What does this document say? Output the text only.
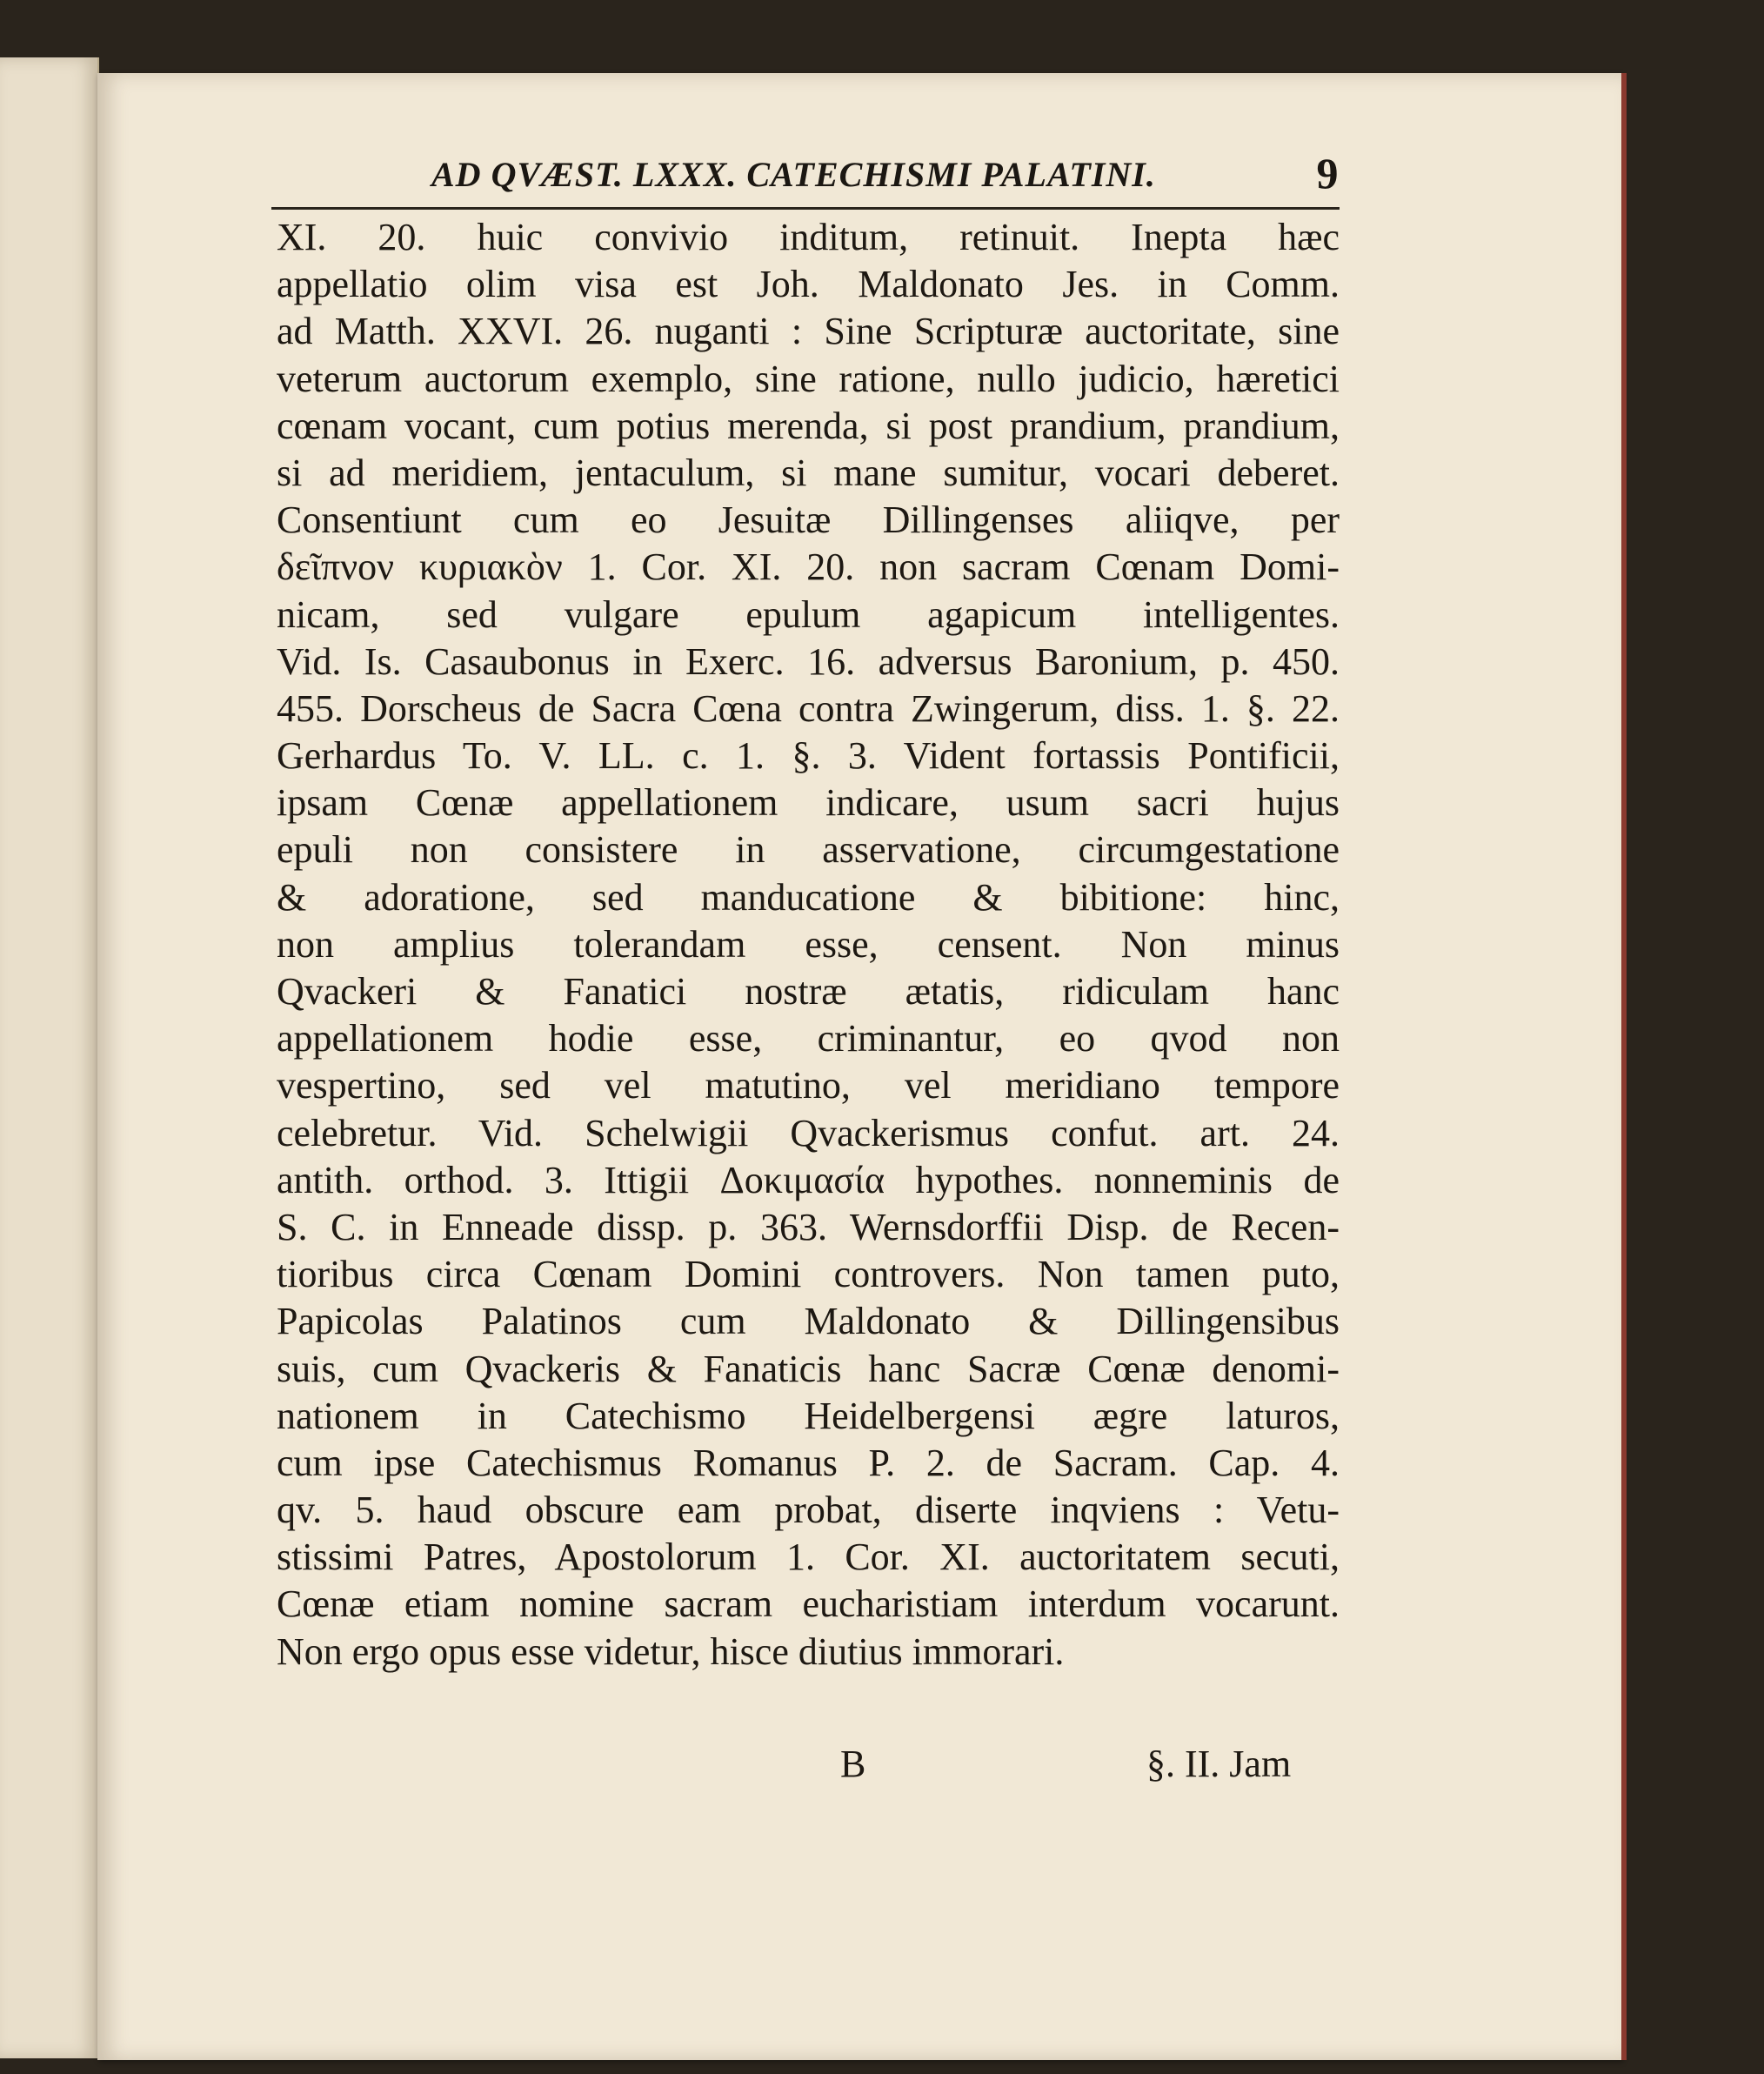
AD QVÆST. LXXX. CATECHISMI PALATINI.	9
XI. 20. huic convivio inditum, retinuit. Inepta hæc
appellatio olim visa est Joh. Maldonato Jes. in Comm.
ad Matth. XXVI. 26. nuganti : Sine Scripturæ auctoritate, sine
veterum auctorum exemplo, sine ratione, nullo judicio, hæretici
cœnam vocant, cum potius merenda, si post prandium, prandium,
si ad meridiem, jentaculum, si mane sumitur, vocari deberet.
Consentiunt cum eo Jesuitæ Dillingenses aliiqve, per
δεῖπνον κυριακὸν 1. Cor. XI. 20. non sacram Cœnam Domi-
nicam, sed vulgare epulum agapicum intelligentes.
Vid. Is. Casaubonus in Exerc. 16. adversus Baronium, p. 450.
455. Dorscheus de Sacra Cœna contra Zwingerum, diss. 1. §. 22.
Gerhardus To. V. LL. c. 1. §. 3. Vident fortassis Pontificii,
ipsam Cœnæ appellationem indicare, usum sacri hujus
epuli non consistere in asservatione, circumgestatione
& adoratione, sed manducatione & bibitione: hinc,
non amplius tolerandam esse, censent. Non minus
Qvackeri & Fanatici nostræ ætatis, ridiculam hanc
appellationem hodie esse, criminantur, eo qvod non
vespertino, sed vel matutino, vel meridiano tempore
celebretur. Vid. Schelwigii Qvackerismus confut. art. 24.
antith. orthod. 3. Ittigii Δοκιμασία hypothes. nonneminis de
S. C. in Enneade dissp. p. 363. Wernsdorffii Disp. de Recen-
tioribus circa Cœnam Domini controvers. Non tamen puto,
Papicolas Palatinos cum Maldonato & Dillingensibus
suis, cum Qvackeris & Fanaticis hanc Sacræ Cœnæ denomi-
nationem in Catechismo Heidelbergensi ægre laturos,
cum ipse Catechismus Romanus P. 2. de Sacram. Cap. 4.
qv. 5. haud obscure eam probat, diserte inqviens : Vetu-
stissimi Patres, Apostolorum 1. Cor. XI. auctoritatem secuti,
Cœnæ etiam nomine sacram eucharistiam interdum vocarunt.
Non ergo opus esse videtur, hisce diutius immorari.
B	§. II. Jam
